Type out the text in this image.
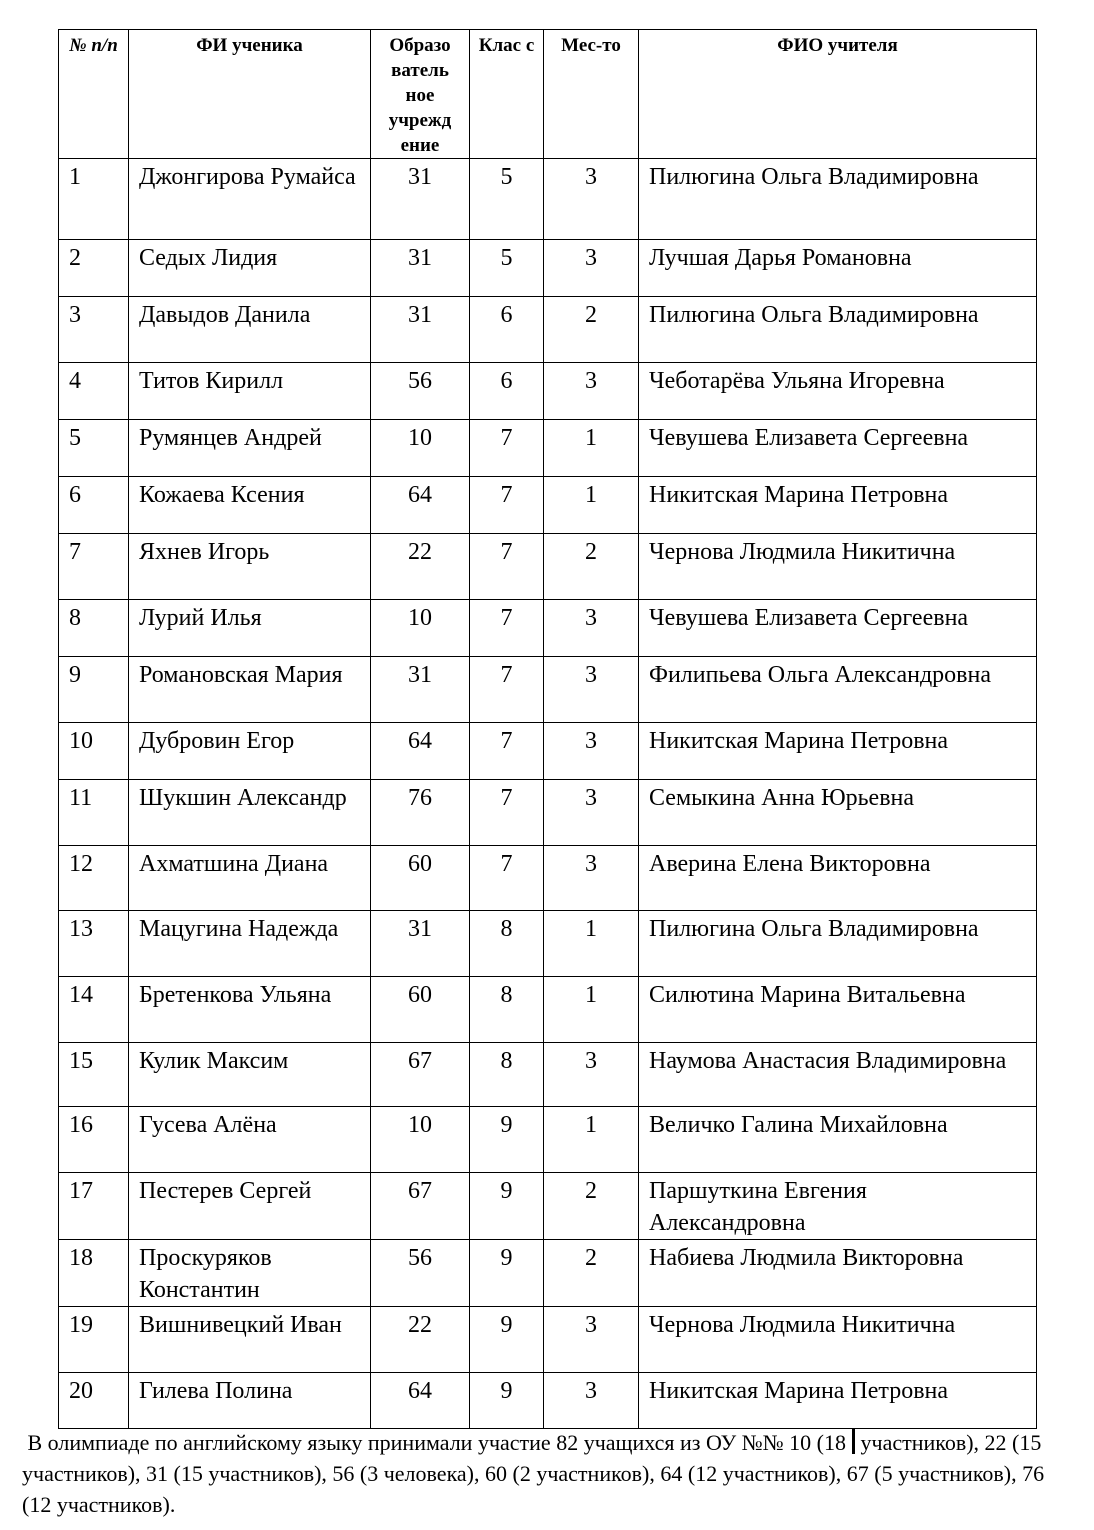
№ п/п	ФИ ученика	Образо ватель ное учрежд ение	Клас с	Мес-то	ФИО учителя
1	Джонгирова Румайса	31	5	3	Пилюгина Ольга Владимировна
2	Седых Лидия	31	5	3	Лучшая Дарья Романовна
3	Давыдов Данила	31	6	2	Пилюгина Ольга Владимировна
4	Титов Кирилл	56	6	3	Чеботарёва Ульяна Игоревна
5	Румянцев Андрей	10	7	1	Чевушева Елизавета Сергеевна
6	Кожаева Ксения	64	7	1	Никитская Марина Петровна
7	Яхнев Игорь	22	7	2	Чернова Людмила Никитична
8	Лурий Илья	10	7	3	Чевушева Елизавета Сергеевна
9	Романовская Мария	31	7	3	Филипьева Ольга Александровна
10	Дубровин Егор	64	7	3	Никитская Марина Петровна
11	Шукшин Александр	76	7	3	Семыкина Анна Юрьевна
12	Ахматшина Диана	60	7	3	Аверина Елена Викторовна
13	Мацугина Надежда	31	8	1	Пилюгина Ольга Владимировна
14	Бретенкова Ульяна	60	8	1	Силютина Марина Витальевна
15	Кулик Максим	67	8	3	Наумова Анастасия Владимировна
16	Гусева Алёна	10	9	1	Величко Галина Михайловна
17	Пестерев Сергей	67	9	2	Паршуткина Евгения Александровна
18	Проскуряков Константин	56	9	2	Набиева Людмила Викторовна
19	Вишнивецкий Иван	22	9	3	Чернова Людмила Никитична
20	Гилева Полина	64	9	3	Никитская Марина Петровна
В олимпиаде по английскому языку принимали участие 82 учащихся из ОУ №№ 10 (18 участников), 22 (15 участников), 31 (15 участников), 56 (3 человека), 60 (2 участников), 64 (12 участников), 67 (5 участников), 76 (12 участников).
